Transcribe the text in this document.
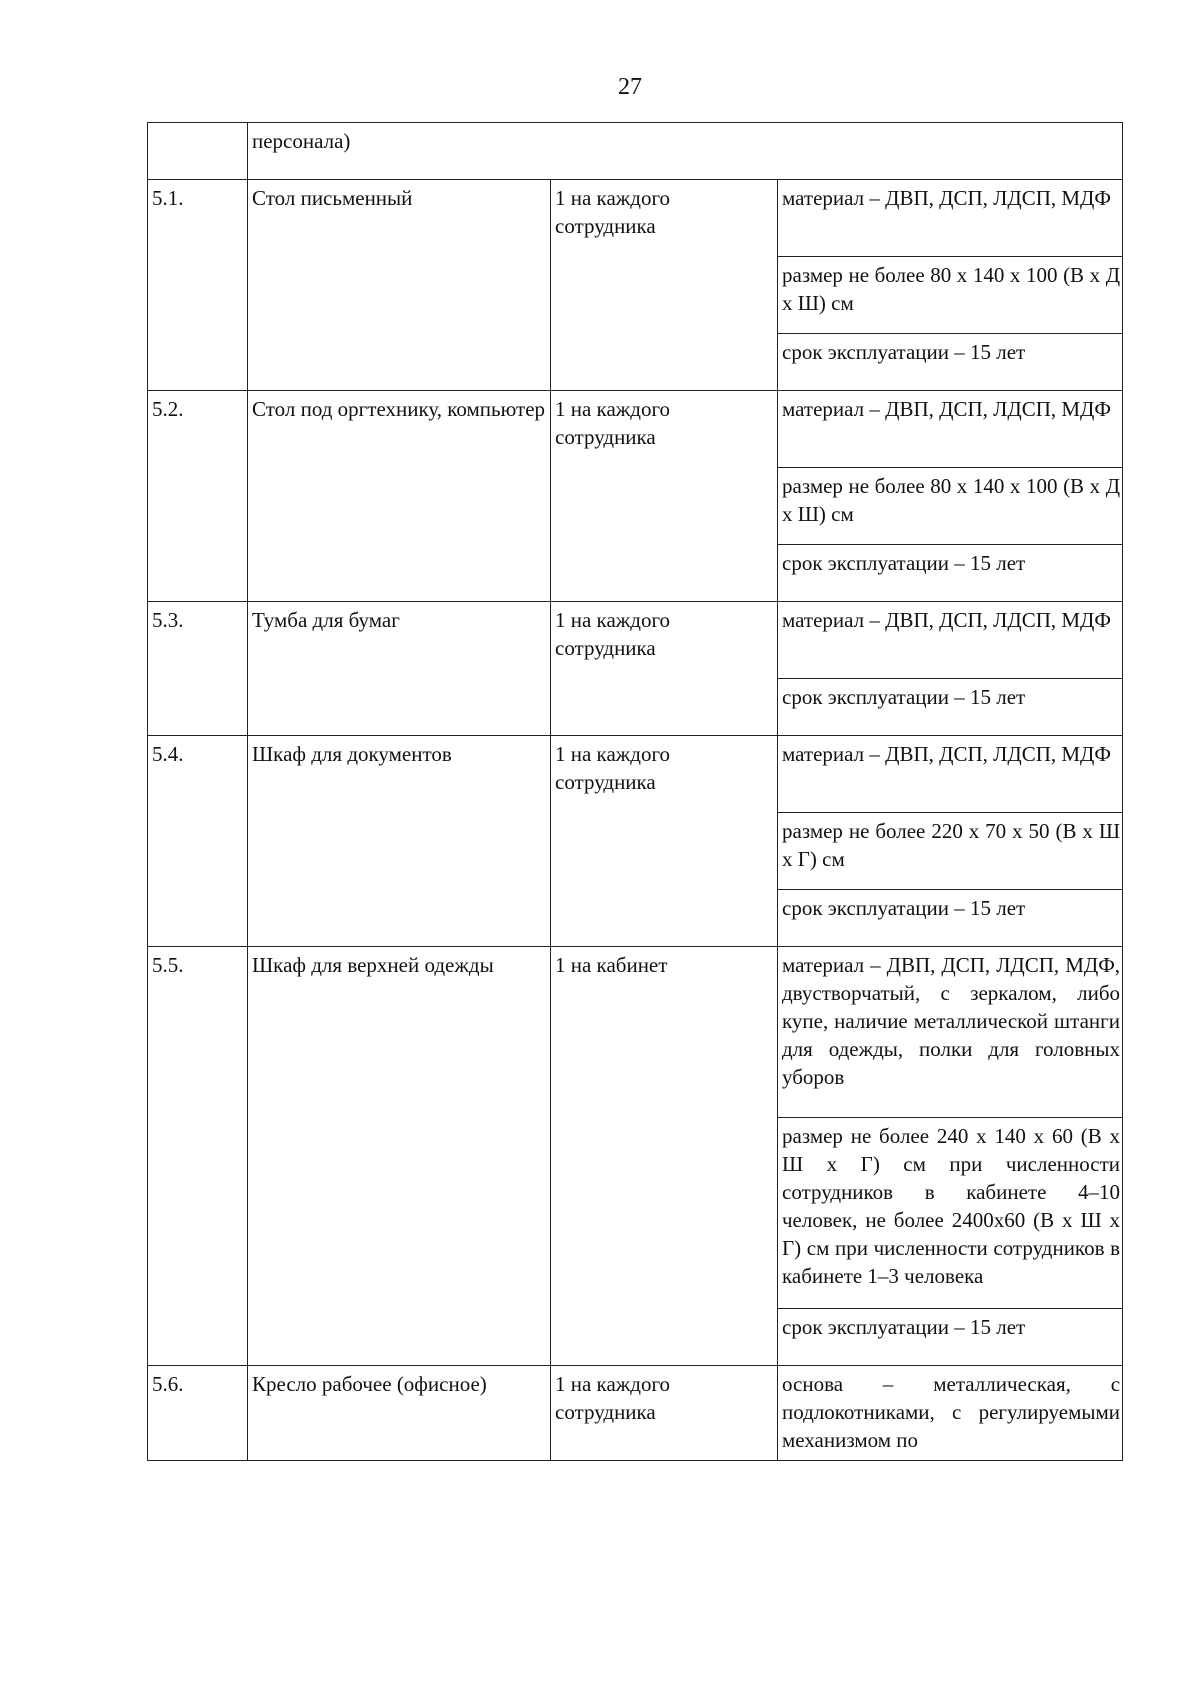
27
	персонала)		
5.1.	Стол письменный	1 на каждого сотрудника	материал – ДВП, ДСП, ЛДСП, МДФ
			размер не более 80 х 140 х 100 (В х Д х Ш) см
			срок эксплуатации – 15 лет
5.2.	Стол под оргтехнику, компьютер	1 на каждого сотрудника	материал – ДВП, ДСП, ЛДСП, МДФ
			размер не более 80 х 140 х 100 (В х Д х Ш) см
			срок эксплуатации – 15 лет
5.3.	Тумба для бумаг	1 на каждого сотрудника	материал – ДВП, ДСП, ЛДСП, МДФ
			срок эксплуатации – 15 лет
5.4.	Шкаф для документов	1 на каждого сотрудника	материал – ДВП, ДСП, ЛДСП, МДФ
			размер не более 220 х 70 х 50 (В х Ш х Г) см
			срок эксплуатации – 15 лет
5.5.	Шкаф для верхней одежды	1 на кабинет	материал – ДВП, ДСП, ЛДСП, МДФ, двустворчатый, с зеркалом, либо купе, наличие металлической штанги для одежды, полки для головных уборов
			размер не более 240 х 140 х 60 (В х Ш х Г) см при численности сотрудников в кабинете 4–10 человек, не более 2400х60 (В х Ш х Г) см при численности сотрудников в кабинете 1–3 человека
			срок эксплуатации – 15 лет
5.6.	Кресло рабочее (офисное)	1 на каждого сотрудника	основа – металлическая, с подлокотниками, с регулируемыми механизмом по
